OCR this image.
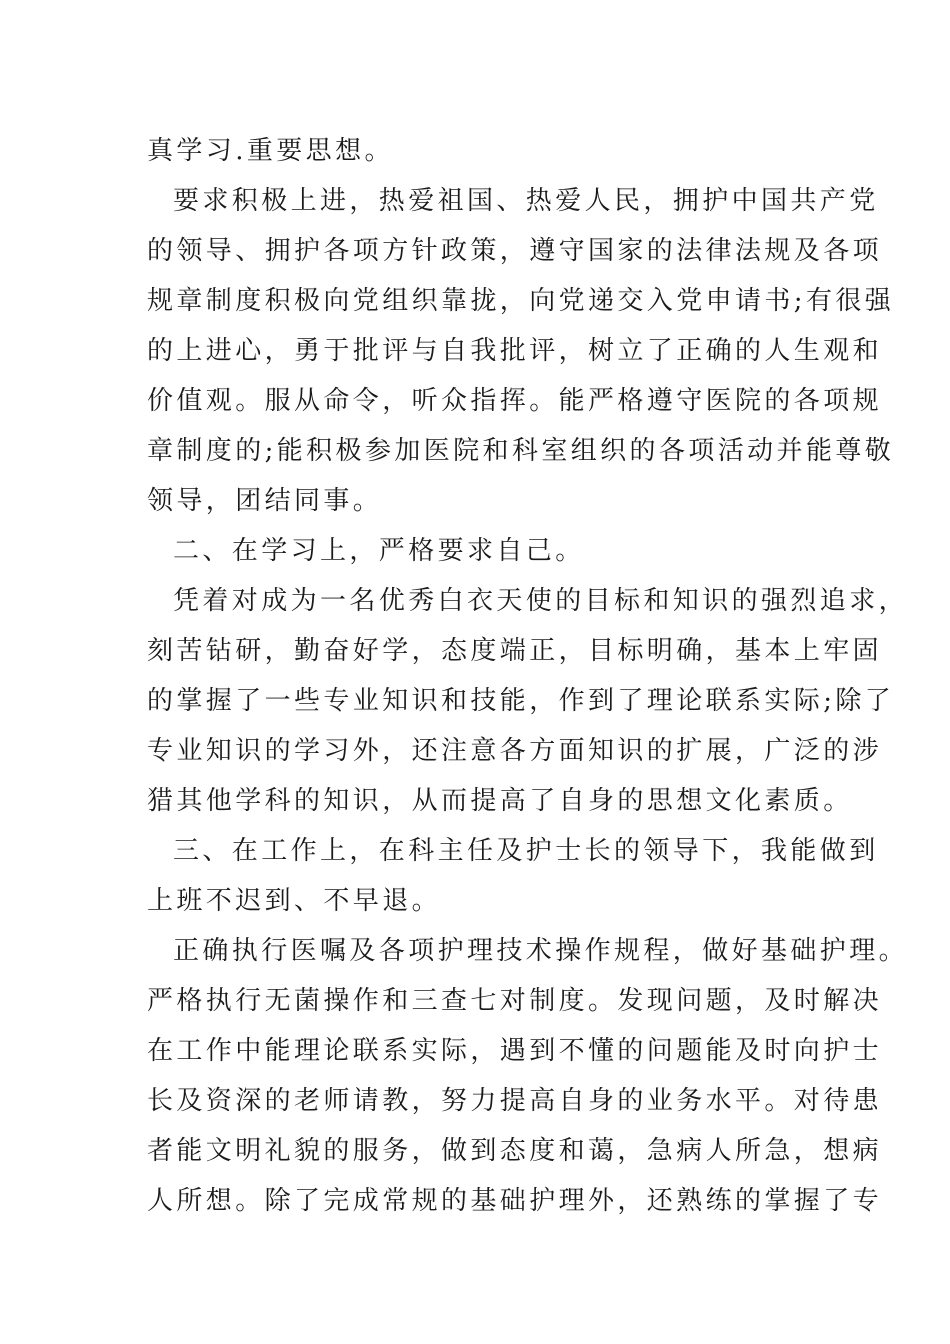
真学习.重要思想。
要求积极上进，热爱祖国、热爱人民，拥护中国共产党
的领导、拥护各项方针政策，遵守国家的法律法规及各项
规章制度积极向党组织靠拢，向党递交入党申请书;有很强
的上进心，勇于批评与自我批评，树立了正确的人生观和
价值观。服从命令，听众指挥。能严格遵守医院的各项规
章制度的;能积极参加医院和科室组织的各项活动并能尊敬
领导，团结同事。
二、在学习上，严格要求自己。
凭着对成为一名优秀白衣天使的目标和知识的强烈追求，
刻苦钻研，勤奋好学，态度端正，目标明确，基本上牢固
的掌握了一些专业知识和技能，作到了理论联系实际;除了
专业知识的学习外，还注意各方面知识的扩展，广泛的涉
猎其他学科的知识，从而提高了自身的思想文化素质。
三、在工作上，在科主任及护士长的领导下，我能做到
上班不迟到、不早退。
正确执行医嘱及各项护理技术操作规程，做好基础护理。
严格执行无菌操作和三查七对制度。发现问题，及时解决
在工作中能理论联系实际，遇到不懂的问题能及时向护士
长及资深的老师请教，努力提高自身的业务水平。对待患
者能文明礼貌的服务，做到态度和蔼，急病人所急，想病
人所想。除了完成常规的基础护理外，还熟练的掌握了专
